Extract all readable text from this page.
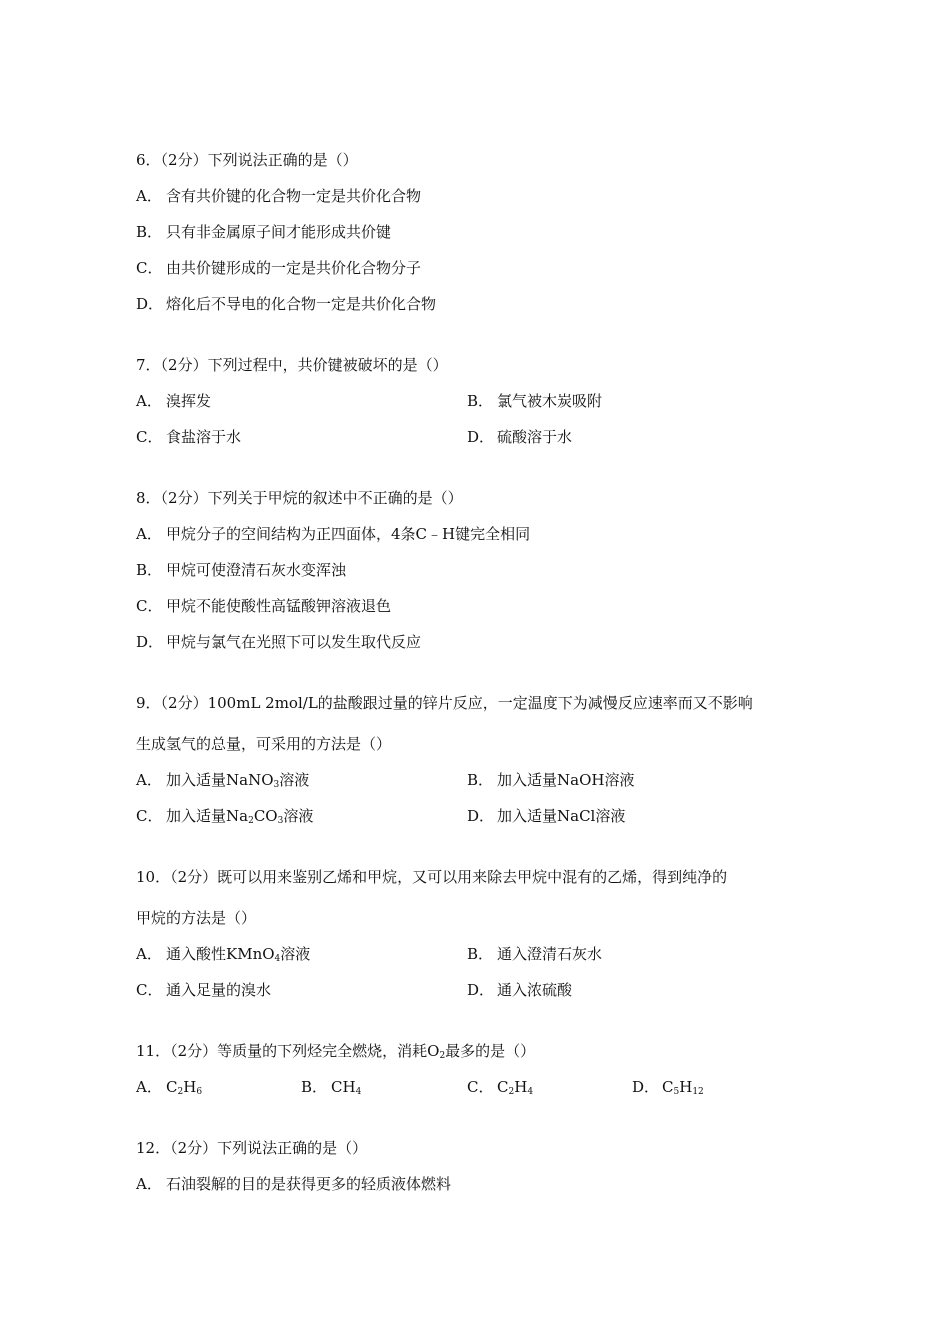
6．（2分）下列说法正确的是（）
A． 含有共价键的化合物一定是共价化合物
B． 只有非金属原子间才能形成共价键
C． 由共价键形成的一定是共价化合物分子
D． 熔化后不导电的化合物一定是共价化合物
7．（2分）下列过程中，共价键被破坏的是（）
A． 溴挥发	B． 氯气被木炭吸附
C． 食盐溶于水	D． 硫酸溶于水
8．（2分）下列关于甲烷的叙述中不正确的是（）
A． 甲烷分子的空间结构为正四面体，4条C﹣H键完全相同
B． 甲烷可使澄清石灰水变浑浊
C． 甲烷不能使酸性高锰酸钾溶液退色
D． 甲烷与氯气在光照下可以发生取代反应
9．（2分）100mL 2mol/L的盐酸跟过量的锌片反应，一定温度下为减慢反应速率而又不影响
生成氢气的总量，可采用的方法是（）
A． 加入适量NaNO$_3$溶液	B． 加入适量NaOH溶液
C． 加入适量$Na_2CO_3$溶液	D． 加入适量NaCl溶液
10．（2分）既可以用来鉴别乙烯和甲烷，又可以用来除去甲烷中混有的乙烯，得到纯净的
甲烷的方法是（）
A． 通入酸性KMnO$_4$溶液	B． 通入澄清石灰水
C． 通入足量的溴水	D． 通入浓硫酸
11．（2分）等质量的下列烃完全燃烧，消耗$O_2$最多的是（）
A． $C_2H_6$	B． $CH_4$	C． $C_2H_4$	D． $C_5H_{12}$
12．（2分）下列说法正确的是（）
A． 石油裂解的目的是获得更多的轻质液体燃料
